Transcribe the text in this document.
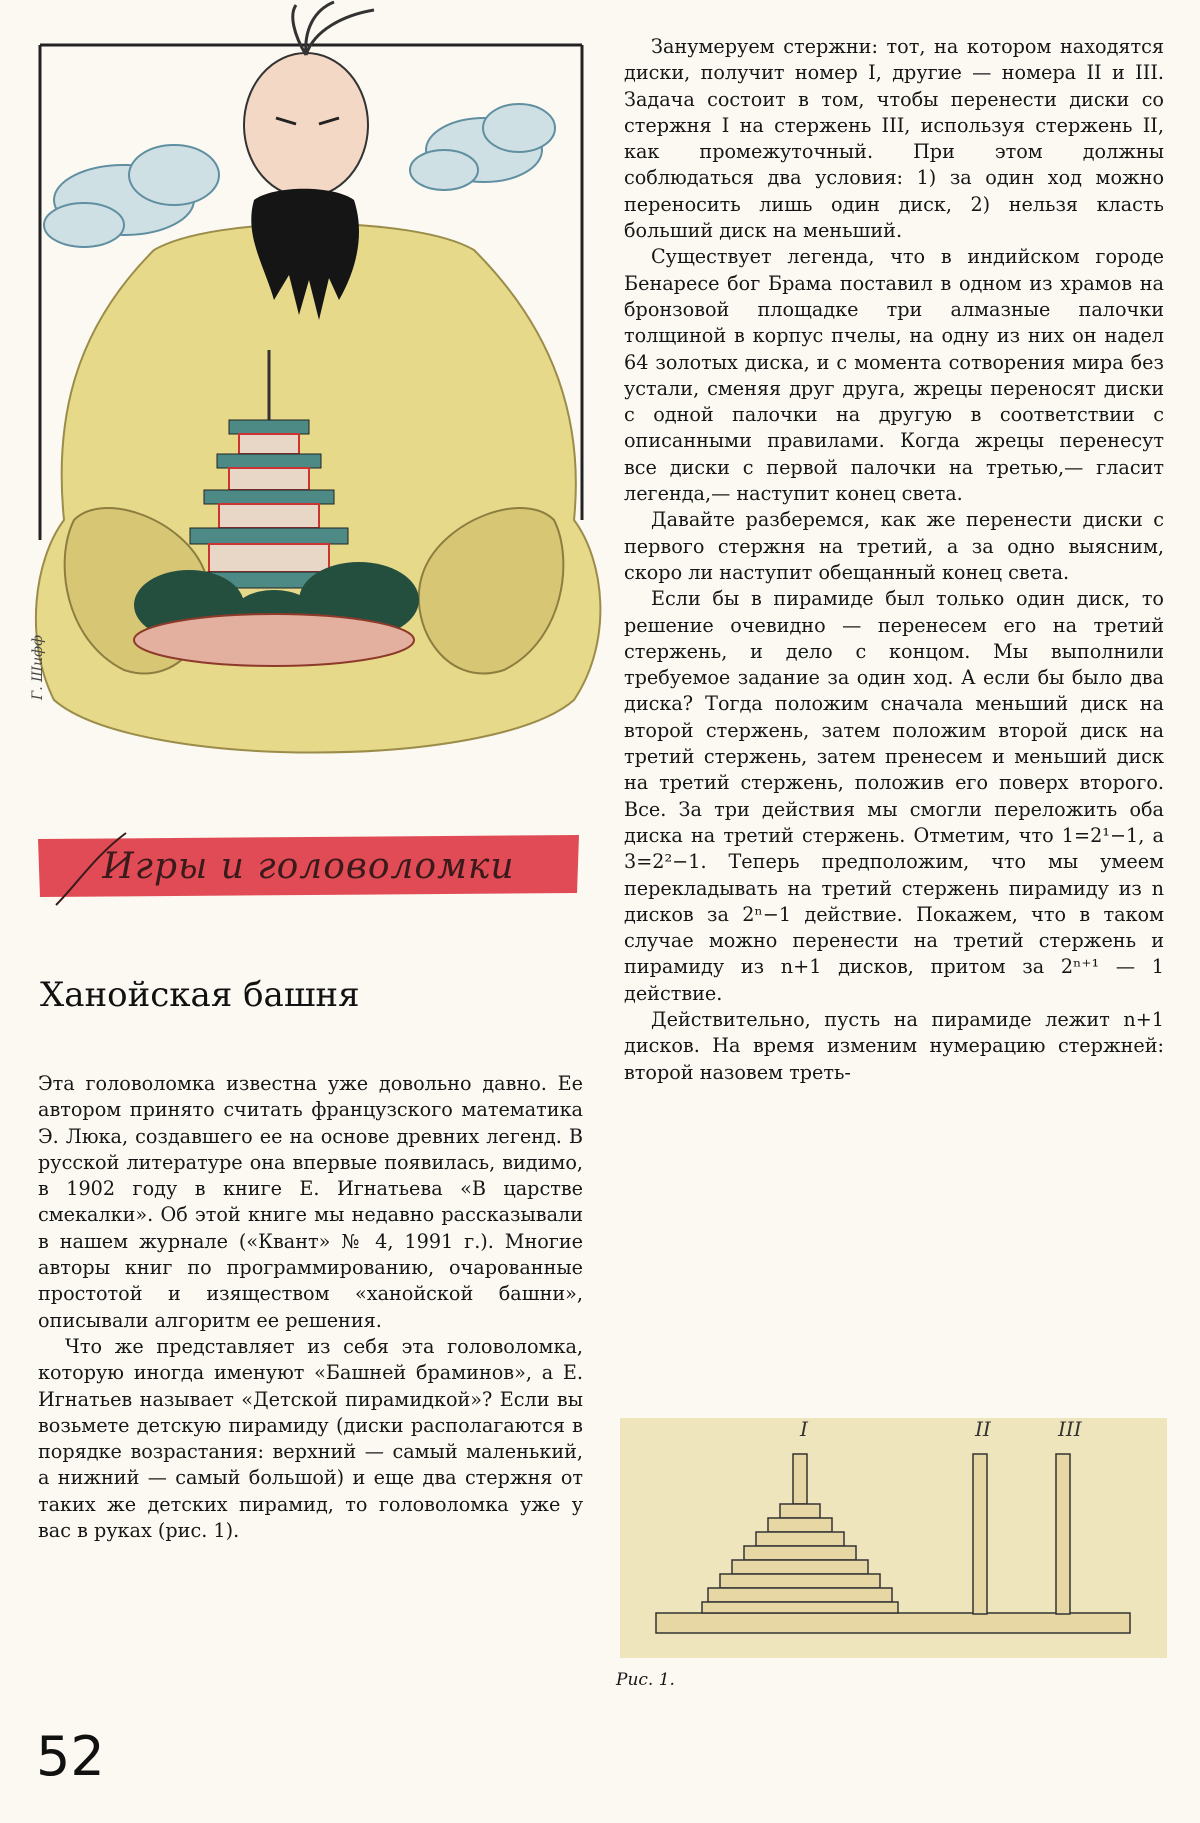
Г. Шифф
Игры и головоломки
Ханойская башня

Эта головоломка известна уже довольно давно. Ее автором принято считать французского математика Э. Люка, создавшего ее на основе древних легенд. В русской литературе она впервые появилась, видимо, в 1902 году в книге Е. Игнатьева «В царстве смекалки». Об этой книге мы недавно рассказывали в нашем журнале («Квант» № 4, 1991 г.). Многие авторы книг по программированию, очарованные простотой и изяществом «ханойской башни», описывали алгоритм ее решения.

Что же представляет из себя эта головоломка, которую иногда именуют «Башней браминов», а Е. Игнатьев называет «Детской пирамидкой»? Если вы возьмете детскую пирамиду (диски располагаются в порядке возрастания: верхний — самый маленький, а нижний — самый большой) и еще два стержня от таких же детских пирамид, то головоломка уже у вас в руках (рис. 1).

Занумеруем стержни: тот, на котором находятся диски, получит номер I, другие — номера II и III. Задача состоит в том, чтобы перенести диски со стержня I на стержень III, используя стержень II, как промежуточный. При этом должны соблюдаться два условия: 1) за один ход можно переносить лишь один диск, 2) нельзя класть больший диск на меньший.

Существует легенда, что в индийском городе Бенаресе бог Брама поставил в одном из храмов на бронзовой площадке три алмазные палочки толщиной в корпус пчелы, на одну из них он надел 64 золотых диска, и с момента сотворения мира без устали, сменяя друг друга, жрецы переносят диски с одной палочки на другую в соответствии с описанными правилами. Когда жрецы перенесут все диски с первой палочки на третью,— гласит легенда,— наступит конец света.

Давайте разберемся, как же перенести диски с первого стержня на третий, а за одно выясним, скоро ли наступит обещанный конец света.

Если бы в пирамиде был только один диск, то решение очевидно — перенесем его на третий стержень, и дело с концом. Мы выполнили требуемое задание за один ход. А если бы было два диска? Тогда положим сначала меньший диск на второй стержень, затем положим второй диск на третий стержень, затем пренесем и меньший диск на третий стержень, положив его поверх второго. Все. За три действия мы смогли переложить оба диска на третий стержень. Отметим, что 1=2¹−1, а 3=2²−1. Теперь предположим, что мы умеем перекладывать на третий стержень пирамиду из n дисков за 2ⁿ−1 действие. Покажем, что в таком случае можно перенести на третий стержень и пирамиду из n+1 дисков, притом за 2ⁿ⁺¹ — 1 действие.

Действительно, пусть на пирамиде лежит n+1 дисков. На время изменим нумерацию стержней: второй назовем треть-

I	II	III
Рис. 1.
52
